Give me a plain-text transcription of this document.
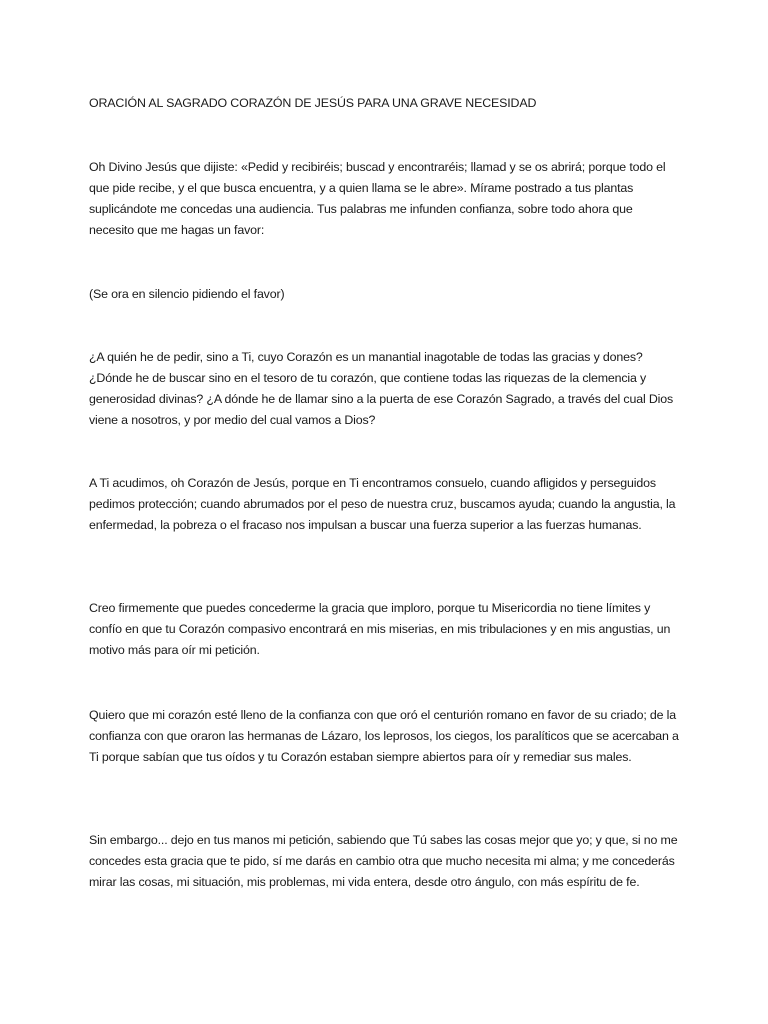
ORACIÓN AL SAGRADO CORAZÓN DE JESÚS PARA UNA GRAVE NECESIDAD

Oh Divino Jesús que dijiste: «Pedid y recibiréis; buscad y encontraréis; llamad y se os abrirá; porque todo el que pide recibe, y el que busca encuentra, y a quien llama se le abre». Mírame postrado a tus plantas suplicándote me concedas una audiencia. Tus palabras me infunden confianza, sobre todo ahora que necesito que me hagas un favor:

(Se ora en silencio pidiendo el favor)

¿A quién he de pedir, sino a Ti, cuyo Corazón es un manantial inagotable de todas las gracias y dones? ¿Dónde he de buscar sino en el tesoro de tu corazón, que contiene todas las riquezas de la clemencia y generosidad divinas? ¿A dónde he de llamar sino a la puerta de ese Corazón Sagrado, a través del cual Dios viene a nosotros, y por medio del cual vamos a Dios?

A Ti acudimos, oh Corazón de Jesús, porque en Ti encontramos consuelo, cuando afligidos y perseguidos pedimos protección; cuando abrumados por el peso de nuestra cruz, buscamos ayuda; cuando la angustia, la enfermedad, la pobreza o el fracaso nos impulsan a buscar una fuerza superior a las fuerzas humanas.

Creo firmemente que puedes concederme la gracia que imploro, porque tu Misericordia no tiene límites y confío en que tu Corazón compasivo encontrará en mis miserias, en mis tribulaciones y en mis angustias, un motivo más para oír mi petición.

Quiero que mi corazón esté lleno de la confianza con que oró el centurión romano en favor de su criado; de la confianza con que oraron las hermanas de Lázaro, los leprosos, los ciegos, los paralíticos que se acercaban a Ti porque sabían que tus oídos y tu Corazón estaban siempre abiertos para oír y remediar sus males.

Sin embargo... dejo en tus manos mi petición, sabiendo que Tú sabes las cosas mejor que yo; y que, si no me concedes esta gracia que te pido, sí me darás en cambio otra que mucho necesita mi alma; y me concederás mirar las cosas, mi situación, mis problemas, mi vida entera, desde otro ángulo, con más espíritu de fe.
